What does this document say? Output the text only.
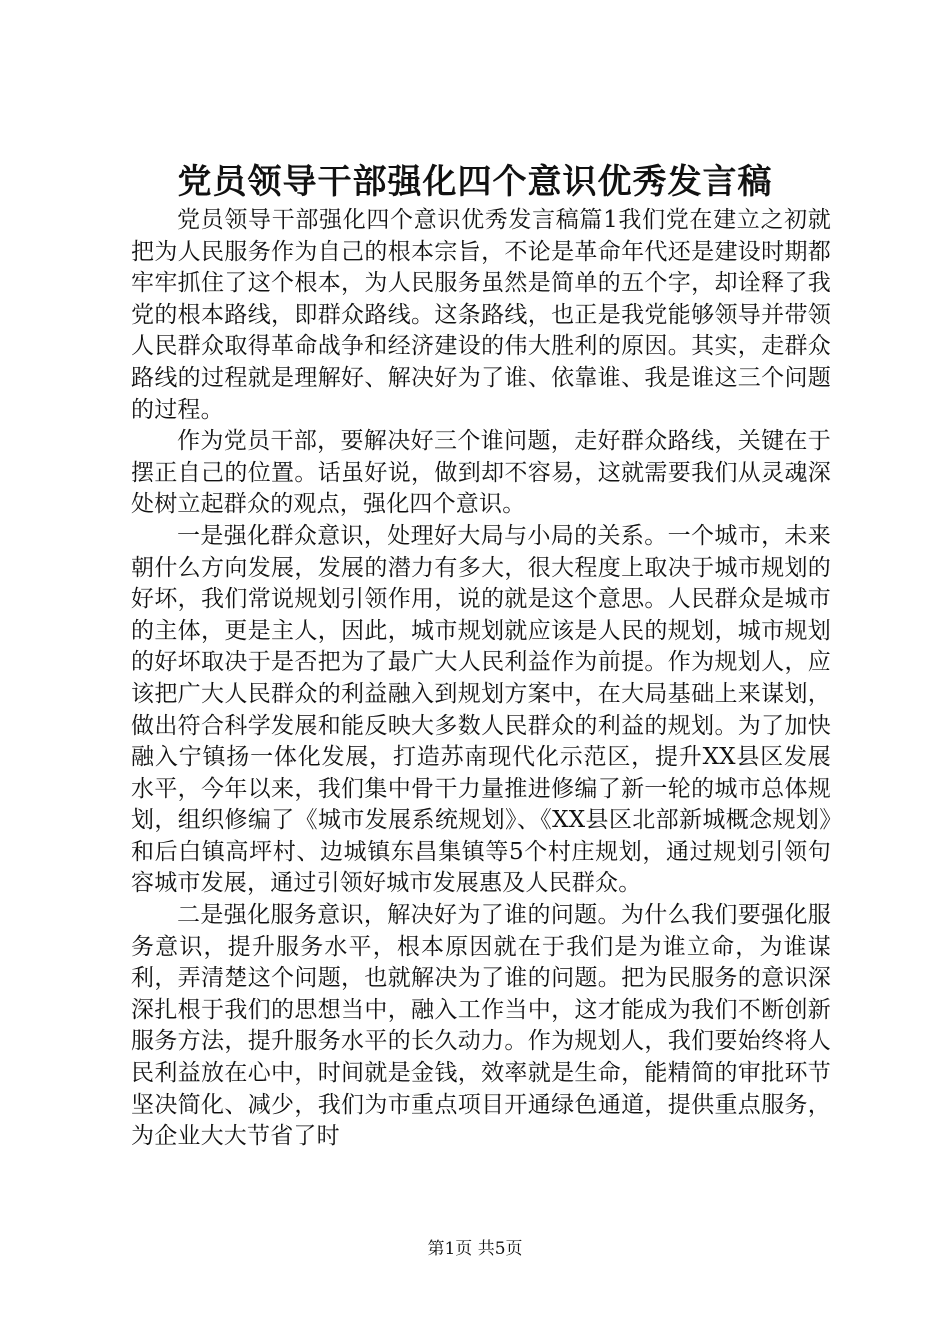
党员领导干部强化四个意识优秀发言稿

党员领导干部强化四个意识优秀发言稿篇1我们党在建立之初就把为人民服务作为自己的根本宗旨，不论是革命年代还是建设时期都牢牢抓住了这个根本，为人民服务虽然是简单的五个字，却诠释了我党的根本路线，即群众路线。这条路线，也正是我党能够领导并带领人民群众取得革命战争和经济建设的伟大胜利的原因。其实，走群众路线的过程就是理解好、解决好为了谁、依靠谁、我是谁这三个问题的过程。

作为党员干部，要解决好三个谁问题，走好群众路线，关键在于摆正自己的位置。话虽好说，做到却不容易，这就需要我们从灵魂深处树立起群众的观点，强化四个意识。

一是强化群众意识，处理好大局与小局的关系。一个城市，未来朝什么方向发展，发展的潜力有多大，很大程度上取决于城市规划的好坏，我们常说规划引领作用，说的就是这个意思。人民群众是城市的主体，更是主人，因此，城市规划就应该是人民的规划，城市规划的好坏取决于是否把为了最广大人民利益作为前提。作为规划人，应该把广大人民群众的利益融入到规划方案中，在大局基础上来谋划，做出符合科学发展和能反映大多数人民群众的利益的规划。为了加快融入宁镇扬一体化发展，打造苏南现代化示范区，提升XX县区发展水平，今年以来，我们集中骨干力量推进修编了新一轮的城市总体规划，组织修编了《城市发展系统规划》、《XX县区北部新城概念规划》和后白镇高坪村、边城镇东昌集镇等5个村庄规划，通过规划引领句容城市发展，通过引领好城市发展惠及人民群众。

二是强化服务意识，解决好为了谁的问题。为什么我们要强化服务意识，提升服务水平，根本原因就在于我们是为谁立命，为谁谋利，弄清楚这个问题，也就解决为了谁的问题。把为民服务的意识深深扎根于我们的思想当中，融入工作当中，这才能成为我们不断创新服务方法，提升服务水平的长久动力。作为规划人，我们要始终将人民利益放在心中，时间就是金钱，效率就是生命，能精简的审批环节坚决简化、减少，我们为市重点项目开通绿色通道，提供重点服务，为企业大大节省了时

第1页 共5页
